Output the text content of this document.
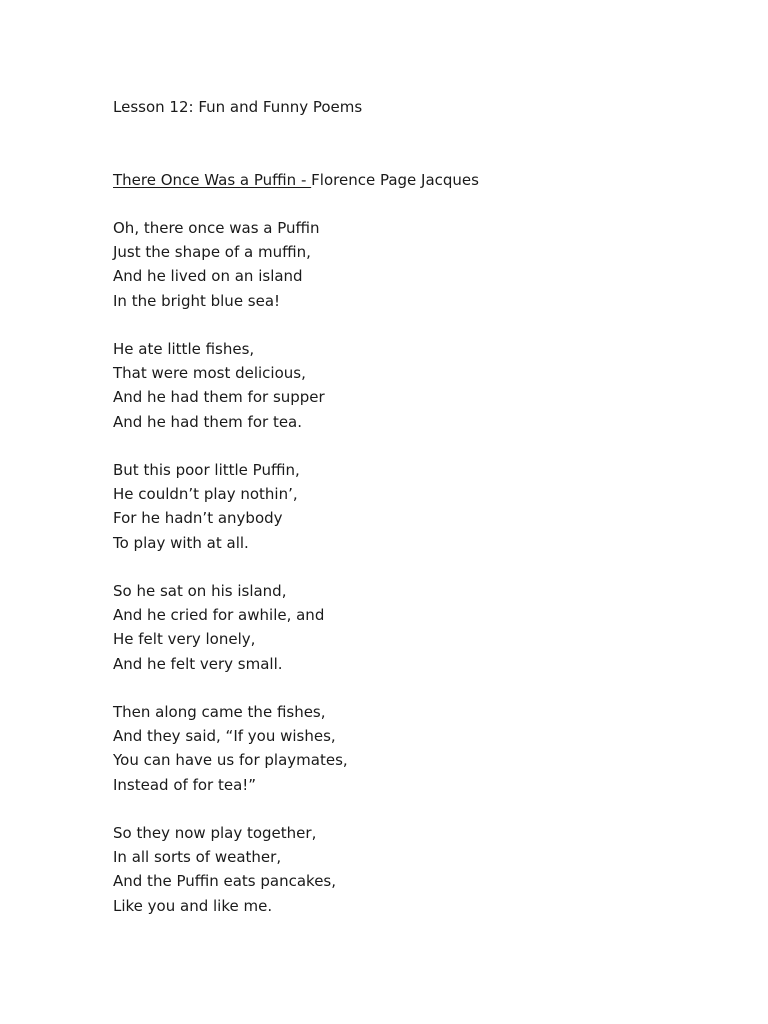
Lesson 12: Fun and Funny Poems
There Once Was a Puffin - Florence Page Jacques
Oh, there once was a Puffin
Just the shape of a muffin,
And he lived on an island
In the bright blue sea!
He ate little fishes,
That were most delicious,
And he had them for supper
And he had them for tea.
But this poor little Puffin,
He couldn’t play nothin’,
For he hadn’t anybody
To play with at all.
So he sat on his island,
And he cried for awhile, and
He felt very lonely,
And he felt very small.
Then along came the fishes,
And they said, “If you wishes,
You can have us for playmates,
Instead of for tea!”
So they now play together,
In all sorts of weather,
And the Puffin eats pancakes,
Like you and like me.
